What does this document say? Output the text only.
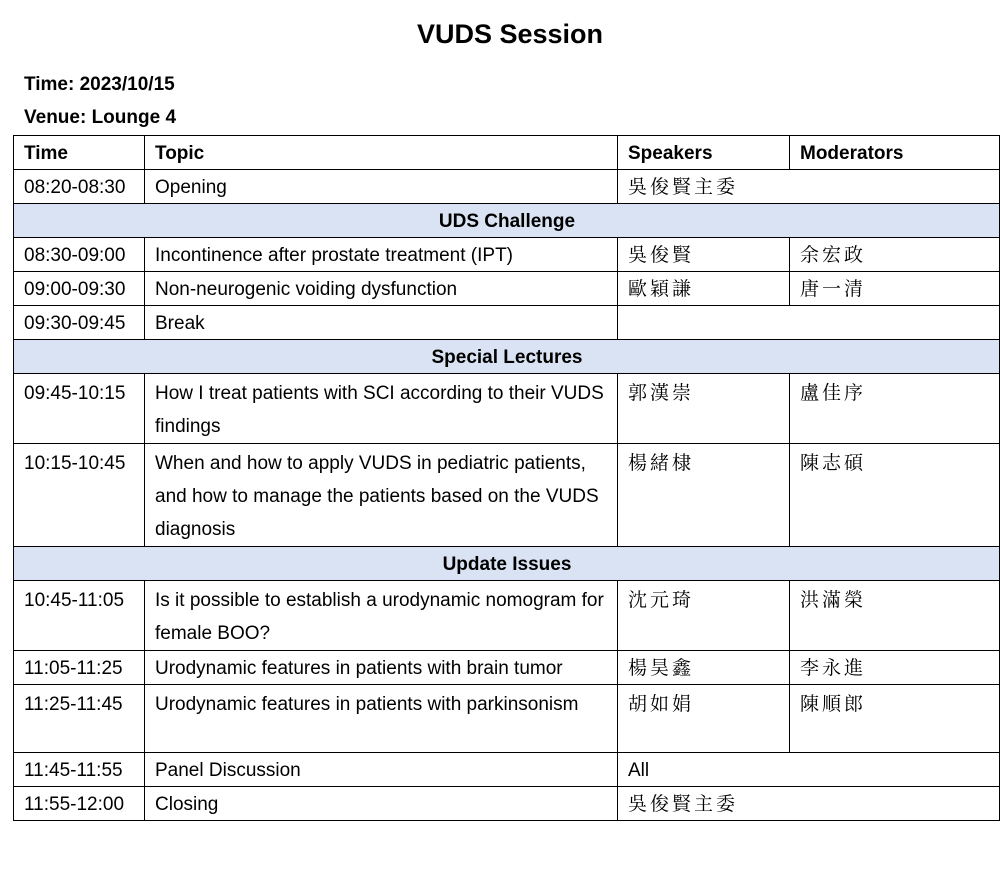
VUDS Session
Time: 2023/10/15
Venue: Lounge 4
Time	Topic	Speakers	Moderators
08:20-08:30	Opening	吳俊賢主委	
UDS Challenge			
08:30-09:00	Incontinence after prostate treatment (IPT)	吳俊賢	余宏政
09:00-09:30	Non-neurogenic voiding dysfunction	歐穎謙	唐一清
09:30-09:45	Break		
Special Lectures			
09:45-10:15	How I treat patients with SCI according to their VUDS findings	郭漢崇	盧佳序
10:15-10:45	When and how to apply VUDS in pediatric patients, and how to manage the patients based on the VUDS diagnosis	楊緒棣	陳志碩
Update Issues			
10:45-11:05	Is it possible to establish a urodynamic nomogram for female BOO?	沈元琦	洪滿榮
11:05-11:25	Urodynamic features in patients with brain tumor	楊昊鑫	李永進
11:25-11:45	Urodynamic features in patients with parkinsonism	胡如娟	陳順郎
11:45-11:55	Panel Discussion	All	
11:55-12:00	Closing	吳俊賢主委	
